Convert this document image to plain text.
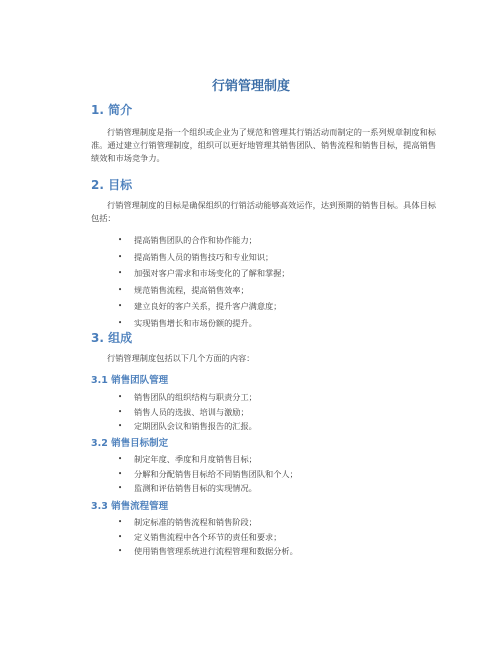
行销管理制度
1. 简介
行销管理制度是指一个组织或企业为了规范和管理其行销活动而制定的一系列规章制度和标准。通过建立行销管理制度，组织可以更好地管理其销售团队、销售流程和销售目标，提高销售绩效和市场竞争力。
2. 目标
行销管理制度的目标是确保组织的行销活动能够高效运作，达到预期的销售目标。具体目标包括：
• 提高销售团队的合作和协作能力；
• 提高销售人员的销售技巧和专业知识；
• 加强对客户需求和市场变化的了解和掌握；
• 规范销售流程，提高销售效率；
• 建立良好的客户关系，提升客户满意度；
• 实现销售增长和市场份额的提升。
3. 组成
行销管理制度包括以下几个方面的内容：
3.1 销售团队管理
• 销售团队的组织结构与职责分工；
• 销售人员的选拔、培训与激励；
• 定期团队会议和销售报告的汇报。
3.2 销售目标制定
• 制定年度、季度和月度销售目标；
• 分解和分配销售目标给不同销售团队和个人；
• 监测和评估销售目标的实现情况。
3.3 销售流程管理
• 制定标准的销售流程和销售阶段；
• 定义销售流程中各个环节的责任和要求；
• 使用销售管理系统进行流程管理和数据分析。
